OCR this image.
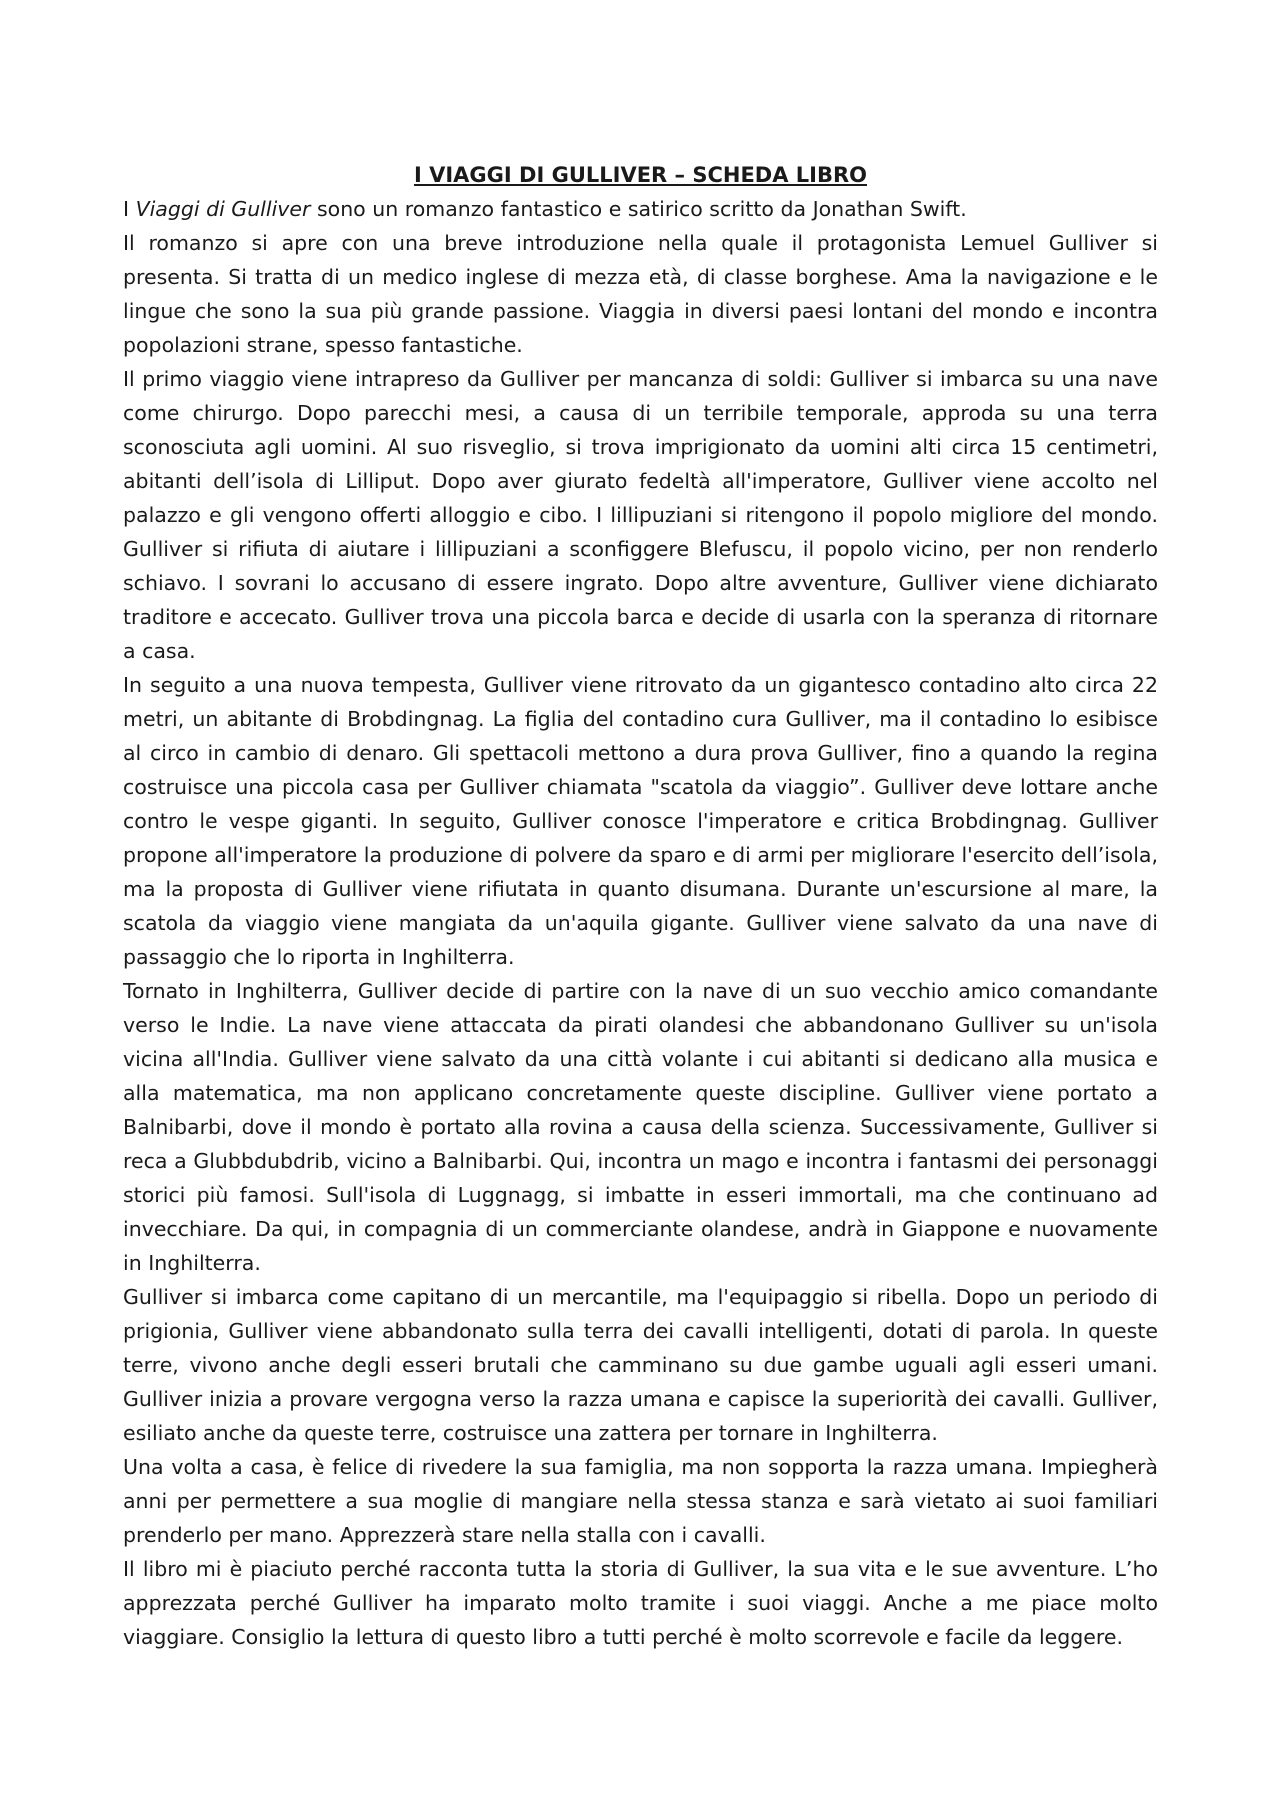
I VIAGGI DI GULLIVER – SCHEDA LIBRO

I Viaggi di Gulliver sono un romanzo fantastico e satirico scritto da Jonathan Swift.

Il romanzo si apre con una breve introduzione nella quale il protagonista Lemuel Gulliver si presenta. Si tratta di un medico inglese di mezza età, di classe borghese. Ama la navigazione e le lingue che sono la sua più grande passione. Viaggia in diversi paesi lontani del mondo e incontra popolazioni strane, spesso fantastiche.

Il primo viaggio viene intrapreso da Gulliver per mancanza di soldi: Gulliver si imbarca su una nave come chirurgo. Dopo parecchi mesi, a causa di un terribile temporale, approda su una terra sconosciuta agli uomini. Al suo risveglio, si trova imprigionato da uomini alti circa 15 centimetri, abitanti dell’isola di Lilliput. Dopo aver giurato fedeltà all'imperatore, Gulliver viene accolto nel palazzo e gli vengono offerti alloggio e cibo. I lillipuziani si ritengono il popolo migliore del mondo. Gulliver si rifiuta di aiutare i lillipuziani a sconfiggere Blefuscu, il popolo vicino, per non renderlo schiavo. I sovrani lo accusano di essere ingrato. Dopo altre avventure, Gulliver viene dichiarato traditore e accecato. Gulliver trova una piccola barca e decide di usarla con la speranza di ritornare a casa.

In seguito a una nuova tempesta, Gulliver viene ritrovato da un gigantesco contadino alto circa 22 metri, un abitante di Brobdingnag. La figlia del contadino cura Gulliver, ma il contadino lo esibisce al circo in cambio di denaro. Gli spettacoli mettono a dura prova Gulliver, fino a quando la regina costruisce una piccola casa per Gulliver chiamata "scatola da viaggio”. Gulliver deve lottare anche contro le vespe giganti. In seguito, Gulliver conosce l'imperatore e critica Brobdingnag. Gulliver propone all'imperatore la produzione di polvere da sparo e di armi per migliorare l'esercito dell’isola, ma la proposta di Gulliver viene rifiutata in quanto disumana. Durante un'escursione al mare, la scatola da viaggio viene mangiata da un'aquila gigante. Gulliver viene salvato da una nave di passaggio che lo riporta in Inghilterra.

Tornato in Inghilterra, Gulliver decide di partire con la nave di un suo vecchio amico comandante verso le Indie. La nave viene attaccata da pirati olandesi che abbandonano Gulliver su un'isola vicina all'India. Gulliver viene salvato da una città volante i cui abitanti si dedicano alla musica e alla matematica, ma non applicano concretamente queste discipline. Gulliver viene portato a Balnibarbi, dove il mondo è portato alla rovina a causa della scienza. Successivamente, Gulliver si reca a Glubbdubdrib, vicino a Balnibarbi. Qui, incontra un mago e incontra i fantasmi dei personaggi storici più famosi. Sull'isola di Luggnagg, si imbatte in esseri immortali, ma che continuano ad invecchiare. Da qui, in compagnia di un commerciante olandese, andrà in Giappone e nuovamente in Inghilterra.

Gulliver si imbarca come capitano di un mercantile, ma l'equipaggio si ribella. Dopo un periodo di prigionia, Gulliver viene abbandonato sulla terra dei cavalli intelligenti, dotati di parola. In queste terre, vivono anche degli esseri brutali che camminano su due gambe uguali agli esseri umani. Gulliver inizia a provare vergogna verso la razza umana e capisce la superiorità dei cavalli. Gulliver, esiliato anche da queste terre, costruisce una zattera per tornare in Inghilterra.

Una volta a casa, è felice di rivedere la sua famiglia, ma non sopporta la razza umana. Impiegherà anni per permettere a sua moglie di mangiare nella stessa stanza e sarà vietato ai suoi familiari prenderlo per mano. Apprezzerà stare nella stalla con i cavalli.

Il libro mi è piaciuto perché racconta tutta la storia di Gulliver, la sua vita e le sue avventure. L’ho apprezzata perché Gulliver ha imparato molto tramite i suoi viaggi. Anche a me piace molto viaggiare. Consiglio la lettura di questo libro a tutti perché è molto scorrevole e facile da leggere.
